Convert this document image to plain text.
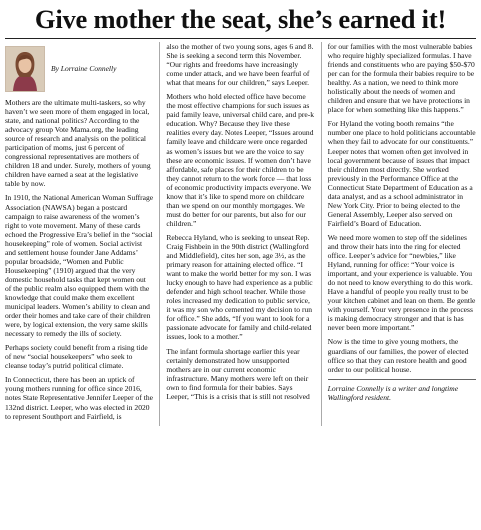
Give mother the seat, she’s earned it!
By Lorraine Connelly

Mothers are the ultimate multi-taskers, so why haven’t we seen more of them engaged in local, state, and national politics? According to the advocacy group Vote Mama.org, the leading source of research and analysis on the political participation of moms, just 6 percent of congressional representatives are mothers of children 18 and under. Surely, mothers of young children have earned a seat at the legislative table by now.

In 1910, the National American Woman Suffrage Association (NAWSA) began a postcard campaign to raise awareness of the women’s right to vote movement. Many of these cards echoed the Progressive Era’s belief in the “social housekeeping” role of women. Social activist and settlement house founder Jane Addams’ popular broadside, “Women and Public Housekeeping” (1910) argued that the very domestic household tasks that kept women out of the public realm also equipped them with the knowledge that could make them excellent municipal leaders. Women’s ability to clean and order their homes and take care of their children were, by logical extension, the very same skills necessary to remedy the ills of society.

Perhaps society could benefit from a rising tide of new “social housekeepers” who seek to cleanse today’s putrid political climate.

In Connecticut, there has been an uptick of young mothers running for office since 2016, notes State Representative Jennifer Leeper of the 132nd district. Leeper, who was elected in 2020 to represent Southport and Fairfield, is

also the mother of two young sons, ages 6 and 8. She is seeking a second term this November. “Our rights and freedoms have increasingly come under attack, and we have been fearful of what that means for our children,” says Leeper.

Mothers who hold elected office have become the most effective champions for such issues as paid family leave, universal child care, and pre-k education. Why? Because they live these realities every day. Notes Leeper, “Issues around family leave and childcare were once regarded as women’s issues but we are the voice to say these are economic issues. If women don’t have affordable, safe places for their children to be they cannot return to the work force — that loss of economic productivity impacts everyone. We know that it’s like to spend more on childcare than we spend on our monthly mortgages. We must do better for our parents, but also for our children.”

Rebecca Hyland, who is seeking to unseat Rep. Craig Fishbein in the 90th district (Wallingford and Middlefield), cites her son, age 3½, as the primary reason for attaining elected office. “I want to make the world better for my son. I was lucky enough to have had experience as a public defender and high school teacher. While those roles increased my dedication to public service, it was my son who cemented my decision to run for office.” She adds, “If you want to look for a passionate advocate for family and child-related issues, look to a mother.”

The infant formula shortage earlier this year certainly demonstrated how unsupported mothers are in our current economic infrastructure. Many mothers were left on their own to find formula for their babies. Says Leeper, “This is a crisis that is still not resolved

for our families with the most vulnerable babies who require highly specialized formulas. I have friends and constituents who are paying $50-$70 per can for the formula their babies require to be healthy. As a nation, we need to think more holistically about the needs of women and children and ensure that we have protections in place for when something like this happens.”

For Hyland the voting booth remains “the number one place to hold politicians accountable when they fail to advocate for our constituents.” Leeper notes that women often get involved in local government because of issues that impact their children most directly. She worked previously in the Performance Office at the Connecticut State Department of Education as a data analyst, and as a school administrator in New York City. Prior to being elected to the General Assembly, Leeper also served on Fairfield’s Board of Education.

We need more women to step off the sidelines and throw their hats into the ring for elected office. Leeper’s advice for “newbies,” like Hyland, running for office: “Your voice is important, and your experience is valuable. You do not need to know everything to do this work. Have a handful of people you really trust to be your kitchen cabinet and lean on them. Be gentle with yourself. Your very presence in the process is making democracy stronger and that is has never been more important.”

Now is the time to give young mothers, the guardians of our families, the power of elected office so that they can restore health and good order to our political house.

Lorraine Connelly is a writer and longtime Wallingford resident.
